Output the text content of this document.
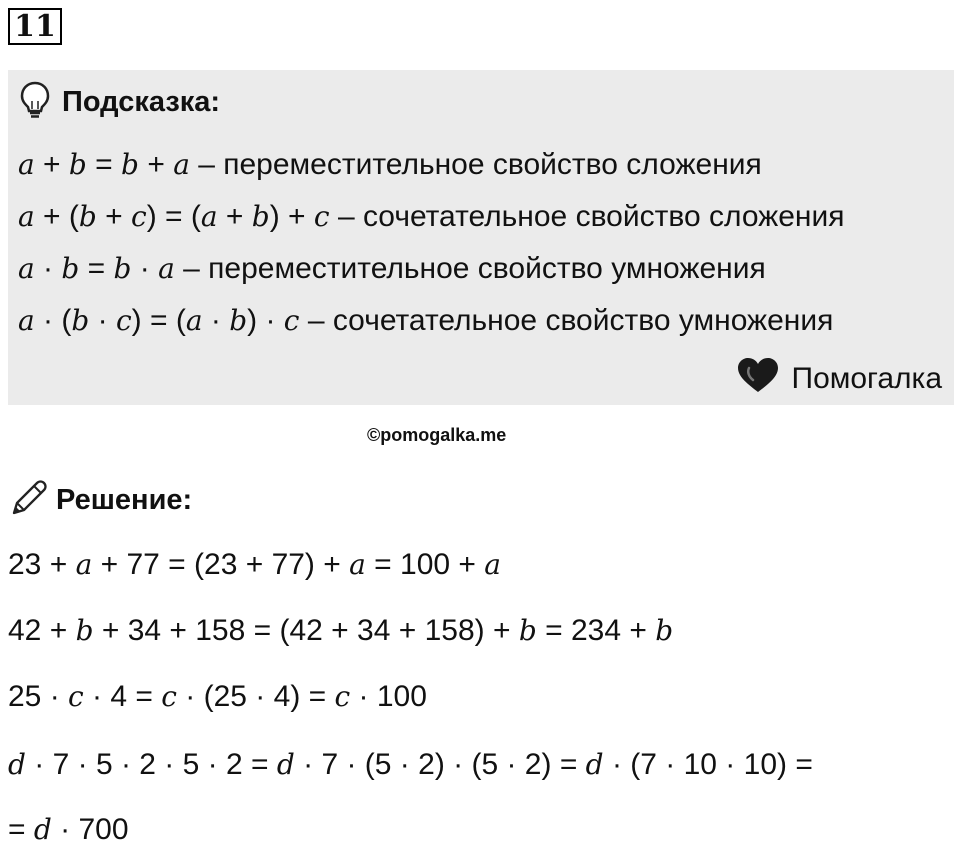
11
Подсказка:
a + b = b + a – переместительное свойство сложения
a + (b + c) = (a + b) + c – сочетательное свойство сложения
a · b = b · a – переместительное свойство умножения
a · (b · c) = (a · b) · c – сочетательное свойство умножения
Помогалка
©pomogalka.me
Решение:
23 + a + 77 = (23 + 77) + a = 100 + a
42 + b + 34 + 158 = (42 + 34 + 158) + b = 234 + b
25 · c · 4 = c · (25 · 4) = c · 100
d · 7 · 5 · 2 · 5 · 2 = d · 7 · (5 · 2) · (5 · 2) = d · (7 · 10 · 10) =
= d · 700
